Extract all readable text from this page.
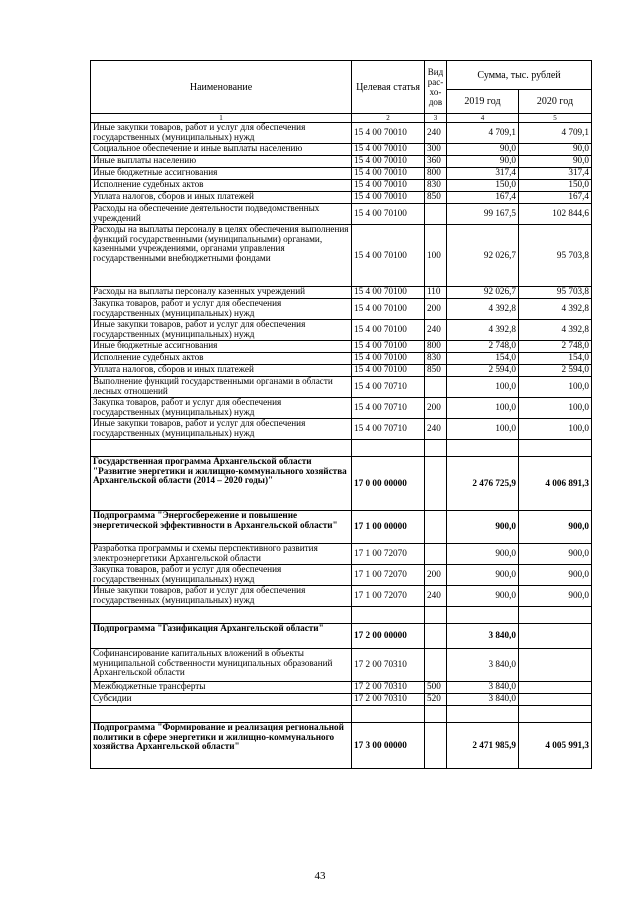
Наименование	Целевая статья	Вид рас- хо- дов	Сумма, тыс. рублей	
			2019 год	2020 год
1	2	3	4	5
Иные закупки товаров, работ и услуг для обеспечения государственных (муниципальных) нужд	15 4 00 70010	240	4 709,1	4 709,1
Социальное обеспечение и иные выплаты населению	15 4 00 70010	300	90,0	90,0
Иные выплаты населению	15 4 00 70010	360	90,0	90,0
Иные бюджетные ассигнования	15 4 00 70010	800	317,4	317,4
Исполнение судебных актов	15 4 00 70010	830	150,0	150,0
Уплата налогов, сборов и иных платежей	15 4 00 70010	850	167,4	167,4
Расходы на обеспечение деятельности подведомственных учреждений	15 4 00 70100		99 167,5	102 844,6
Расходы на выплаты персоналу в целях обеспечения выполнения функций государственными (муниципальными) органами, казенными учреждениями, органами управления государственными внебюджетными фондами	15 4 00 70100	100	92 026,7	95 703,8
Расходы на выплаты персоналу казенных учреждений	15 4 00 70100	110	92 026,7	95 703,8
Закупка товаров, работ и услуг для обеспечения государственных (муниципальных) нужд	15 4 00 70100	200	4 392,8	4 392,8
Иные закупки товаров, работ и услуг для обеспечения государственных (муниципальных) нужд	15 4 00 70100	240	4 392,8	4 392,8
Иные бюджетные ассигнования	15 4 00 70100	800	2 748,0	2 748,0
Исполнение судебных актов	15 4 00 70100	830	154,0	154,0
Уплата налогов, сборов и иных платежей	15 4 00 70100	850	2 594,0	2 594,0
Выполнение функций государственными органами в области лесных отношений	15 4 00 70710		100,0	100,0
Закупка товаров, работ и услуг для обеспечения государственных (муниципальных) нужд	15 4 00 70710	200	100,0	100,0
Иные закупки товаров, работ и услуг для обеспечения государственных (муниципальных) нужд	15 4 00 70710	240	100,0	100,0

Государственная программа Архангельской области "Развитие энергетики и жилищно-коммунального хозяйства Архангельской области (2014 – 2020 годы)"	17 0 00 00000		2 476 725,9	4 006 891,3
Подпрограмма "Энергосбережение и повышение энергетической эффективности в Архангельской области"	17 1 00 00000		900,0	900,0
Разработка программы и схемы перспективного развития электроэнергетики Архангельской области	17 1 00 72070		900,0	900,0
Закупка товаров, работ и услуг для обеспечения государственных (муниципальных) нужд	17 1 00 72070	200	900,0	900,0
Иные закупки товаров, работ и услуг для обеспечения государственных (муниципальных) нужд	17 1 00 72070	240	900,0	900,0

Подпрограмма "Газификация Архангельской области"	17 2 00 00000		3 840,0	
Софинансирование капитальных вложений в объекты муниципальной собственности муниципальных образований Архангельской области	17 2 00 70310		3 840,0	
Межбюджетные трансферты	17 2 00 70310	500	3 840,0	
Субсидии	17 2 00 70310	520	3 840,0	

Подпрограмма "Формирование и реализация региональной политики в сфере энергетики и жилищно-коммунального хозяйства Архангельской области"	17 3 00 00000		2 471 985,9	4 005 991,3
43
